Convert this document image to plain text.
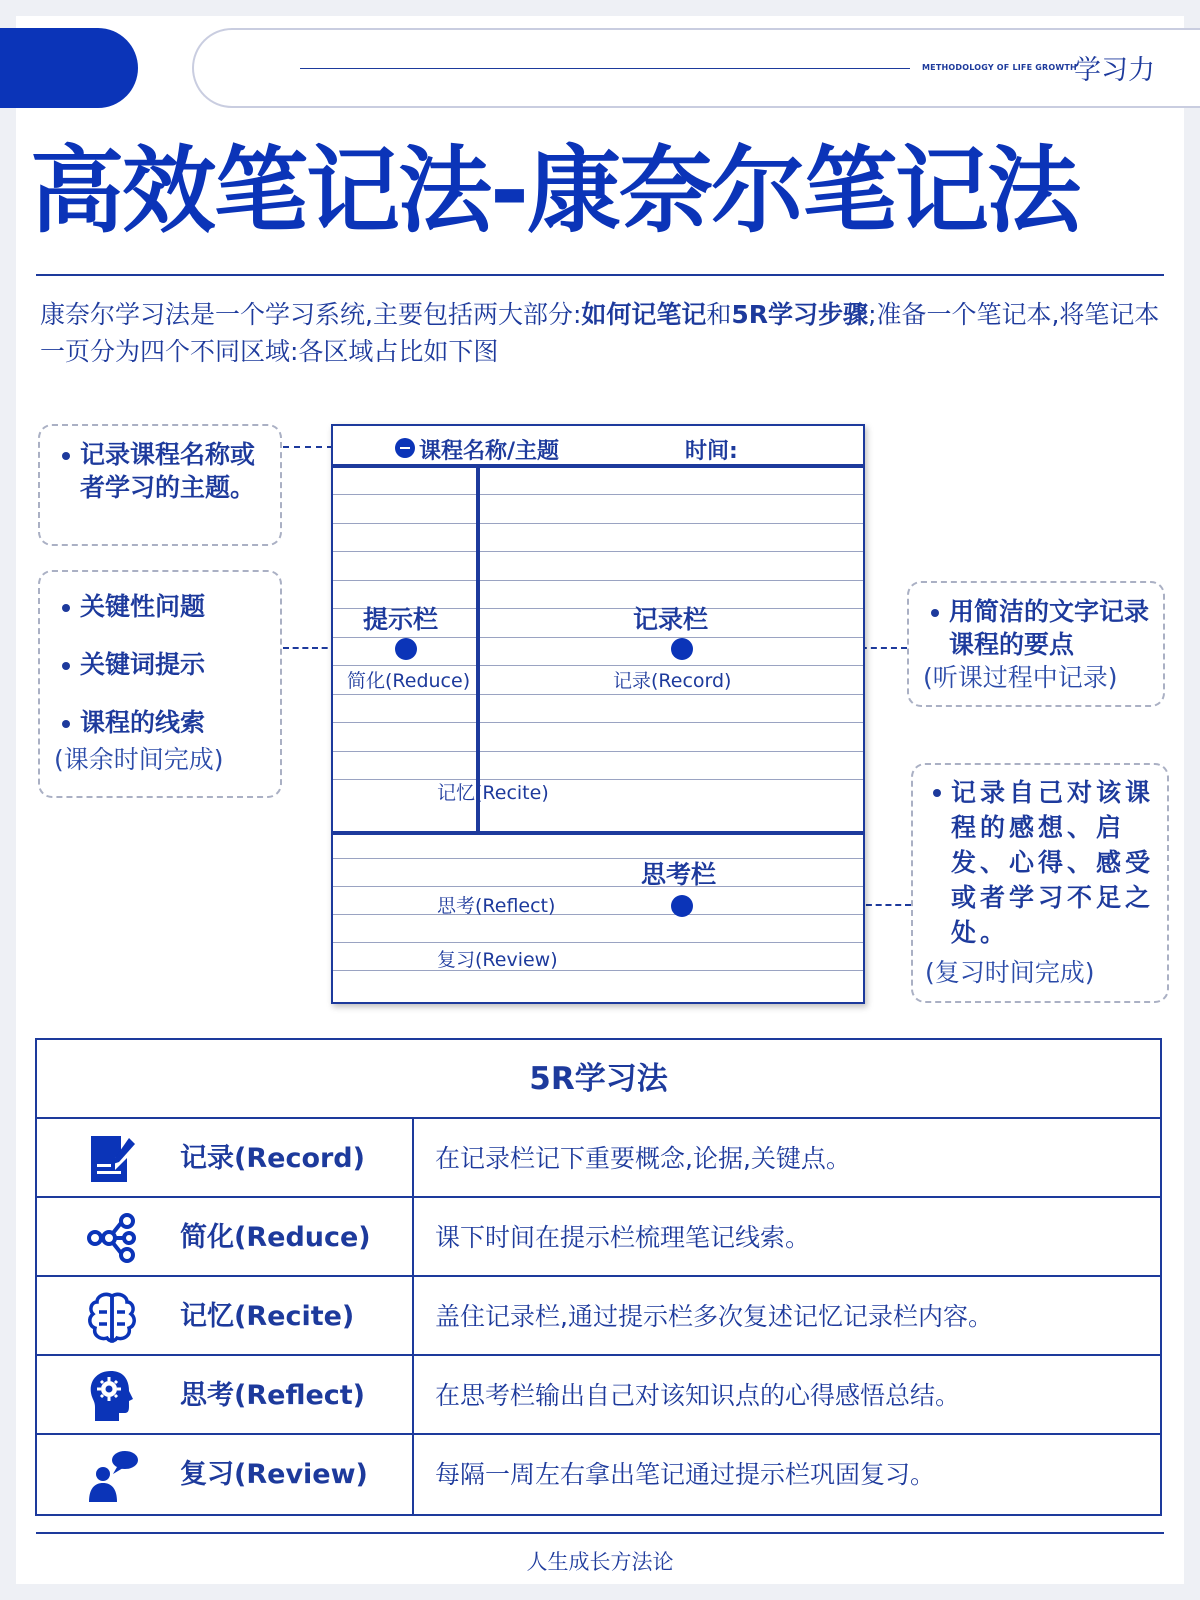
METHODOLOGY OF LIFE GROWTH
学习力
高效笔记法-康奈尔笔记法
康奈尔学习法是一个学习系统,主要包括两大部分:如何记笔记和5R学习步骤;准备一个笔记本,将笔记本一页分为四个不同区域:各区域占比如下图
记录课程名称或者学习的主题。
关键性问题
关键词提示
课程的线索
(课余时间完成)
用简洁的文字记录课程的要点
(听课过程中记录)
记录自己对该课程的感想、启发、心得、感受或者学习不足之处。
(复习时间完成)
课程名称/主题	时间:
提示栏
简化(Reduce)
记录栏
记录(Record)
记忆(Recite)
思考栏
思考(Reflect)
复习(Review)
5R学习法
记录(Record)	在记录栏记下重要概念,论据,关键点。
简化(Reduce)	课下时间在提示栏梳理笔记线索。
记忆(Recite)	盖住记录栏,通过提示栏多次复述记忆记录栏内容。
思考(Reflect)	在思考栏输出自己对该知识点的心得感悟总结。
复习(Review)	每隔一周左右拿出笔记通过提示栏巩固复习。
人生成长方法论
